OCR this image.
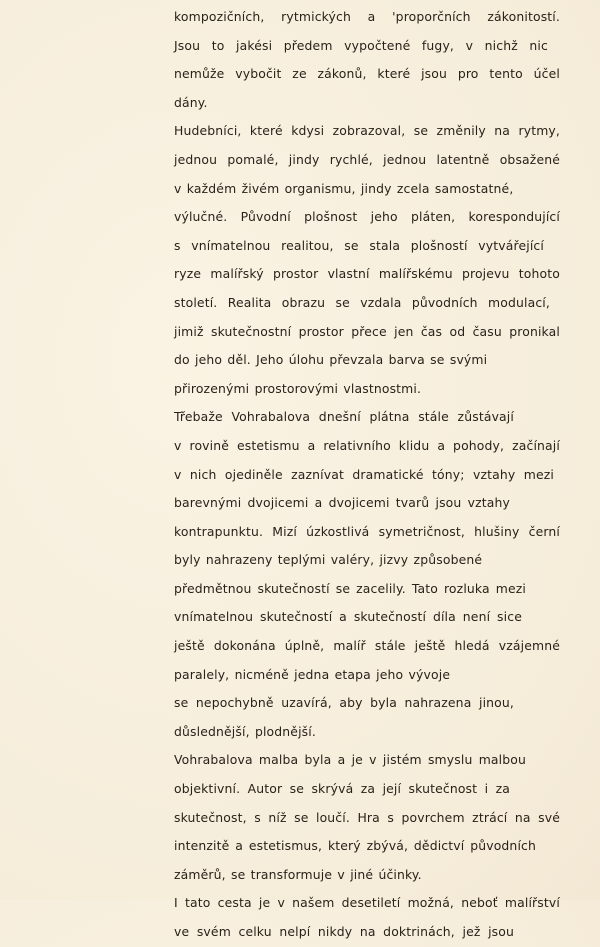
kompozičních, rytmických a 'proporčních zákonitostí.
Jsou to jakési předem vypočtené fugy, v nichž nic
nemůže vybočit ze zákonů, které jsou pro tento účel
dány.
Hudebníci, které kdysi zobrazoval, se změnily na rytmy,
jednou pomalé, jindy rychlé, jednou latentně obsažené
v každém živém organismu, jindy zcela samostatné,
výlučné. Původní plošnost jeho pláten, korespondující
s vnímatelnou realitou, se stala plošností vytvářející
ryze malířský prostor vlastní malířskému projevu tohoto
století. Realita obrazu se vzdala původních modulací,
jimiž skutečnostní prostor přece jen čas od času pronikal
do jeho děl. Jeho úlohu převzala barva se svými
přirozenými prostorovými vlastnostmi.
Třebaže Vohrabalova dnešní plátna stále zůstávají
v rovině estetismu a relativního klidu a pohody, začínají
v nich ojediněle zaznívat dramatické tóny; vztahy mezi
barevnými dvojicemi a dvojicemi tvarů jsou vztahy
kontrapunktu. Mizí úzkostlivá symetričnost, hlušiny černí
byly nahrazeny teplými valéry, jizvy způsobené
předmětnou skutečností se zacelily. Tato rozluka mezi
vnímatelnou skutečností a skutečností díla není sice
ještě dokonána úplně, malíř stále ještě hledá vzájemné
paralely, nicméně jedna etapa jeho vývoje
se nepochybně uzavírá, aby byla nahrazena jinou,
důslednější, plodnější.
Vohrabalova malba byla a je v jistém smyslu malbou
objektivní. Autor se skrývá za její skutečnost i za
skutečnost, s níž se loučí. Hra s povrchem ztrácí na své
intenzitě a estetismus, který zbývá, dědictví původních
záměrů, se transformuje v jiné účinky.
I tato cesta je v našem desetiletí možná, neboť malířství
ve svém celku nelpí nikdy na doktrinách, jež jsou
